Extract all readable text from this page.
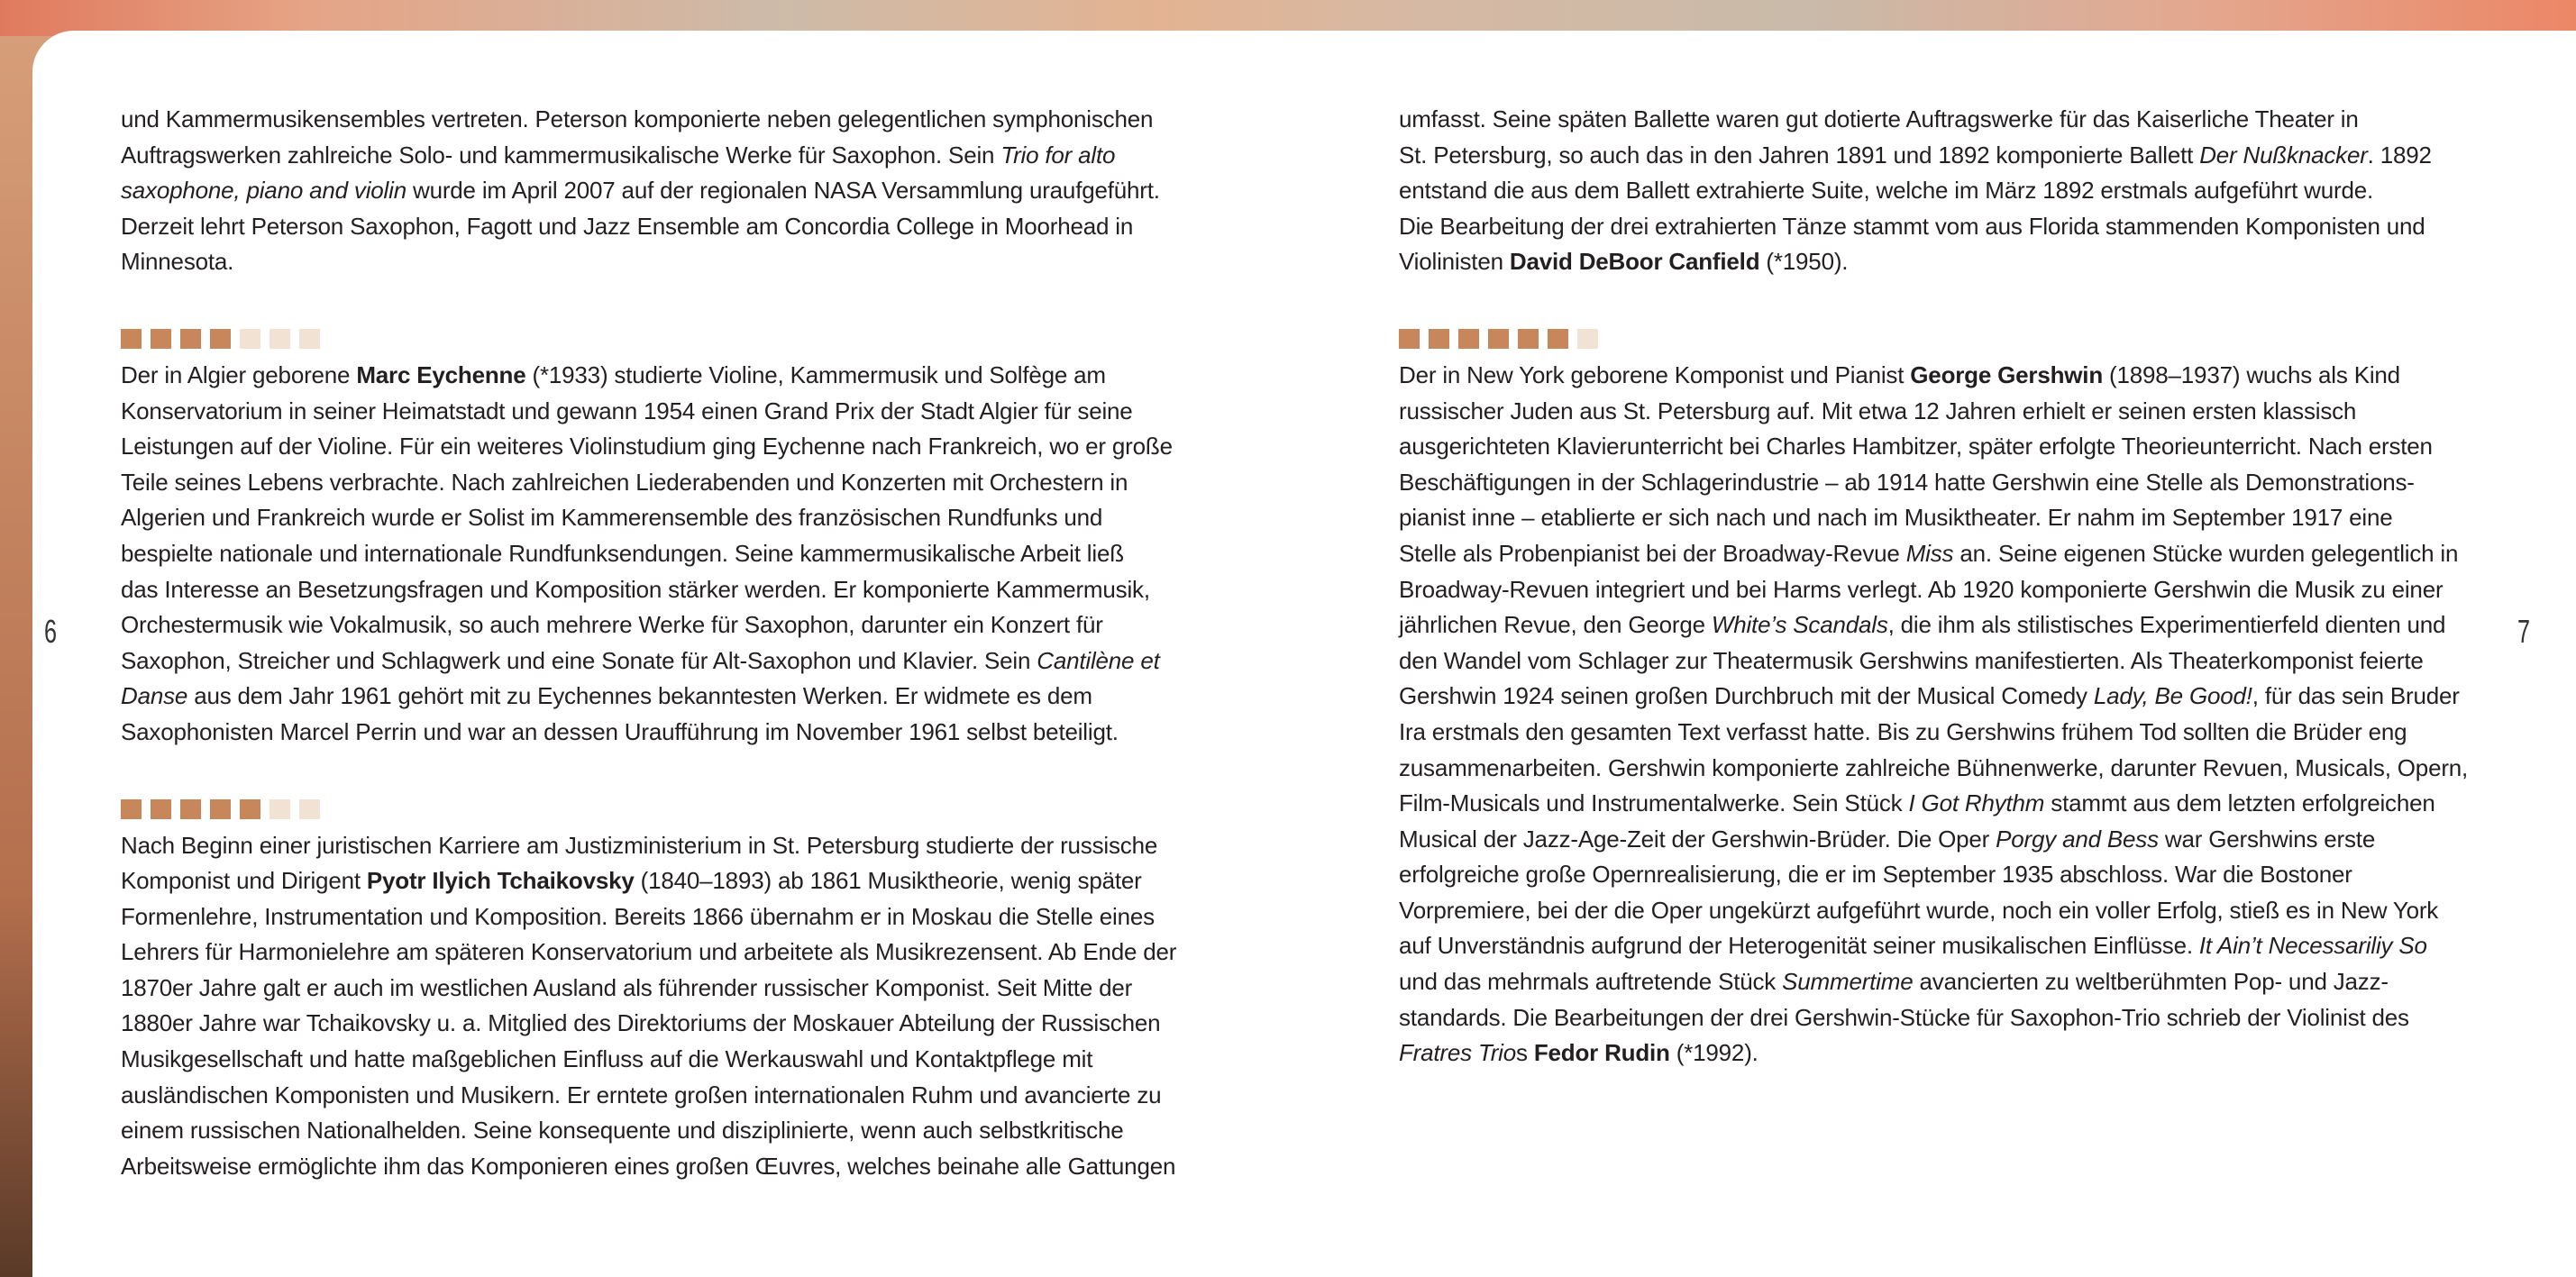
6	7

und Kammermusikensembles vertreten. Peterson komponierte neben gelegentlichen symphonischen
Auftragswerken zahlreiche Solo- und kammermusikalische Werke für Saxophon. Sein Trio for alto
saxophone, piano and violin wurde im April 2007 auf der regionalen NASA Versammlung uraufgeführt.
Derzeit lehrt Peterson Saxophon, Fagott und Jazz Ensemble am Concordia College in Moorhead in
Minnesota.

Der in Algier geborene Marc Eychenne (*1933) studierte Violine, Kammermusik und Solfège am
Konservatorium in seiner Heimatstadt und gewann 1954 einen Grand Prix der Stadt Algier für seine
Leistungen auf der Violine. Für ein weiteres Violinstudium ging Eychenne nach Frankreich, wo er große
Teile seines Lebens verbrachte. Nach zahlreichen Liederabenden und Konzerten mit Orchestern in
Algerien und Frankreich wurde er Solist im Kammerensemble des französischen Rundfunks und
bespielte nationale und internationale Rundfunksendungen. Seine kammermusikalische Arbeit ließ
das Interesse an Besetzungsfragen und Komposition stärker werden. Er komponierte Kammermusik,
Orchestermusik wie Vokalmusik, so auch mehrere Werke für Saxophon, darunter ein Konzert für
Saxophon, Streicher und Schlagwerk und eine Sonate für Alt-Saxophon und Klavier. Sein Cantilène et
Danse aus dem Jahr 1961 gehört mit zu Eychennes bekanntesten Werken. Er widmete es dem
Saxophonisten Marcel Perrin und war an dessen Uraufführung im November 1961 selbst beteiligt.

Nach Beginn einer juristischen Karriere am Justizministerium in St. Petersburg studierte der russische
Komponist und Dirigent Pyotr Ilyich Tchaikovsky (1840–1893) ab 1861 Musiktheorie, wenig später
Formenlehre, Instrumentation und Komposition. Bereits 1866 übernahm er in Moskau die Stelle eines
Lehrers für Harmonielehre am späteren Konservatorium und arbeitete als Musikrezensent. Ab Ende der
1870er Jahre galt er auch im westlichen Ausland als führender russischer Komponist. Seit Mitte der
1880er Jahre war Tchaikovsky u. a. Mitglied des Direktoriums der Moskauer Abteilung der Russischen
Musikgesellschaft und hatte maßgeblichen Einfluss auf die Werkauswahl und Kontaktpflege mit
ausländischen Komponisten und Musikern. Er erntete großen internationalen Ruhm und avancierte zu
einem russischen Nationalhelden. Seine konsequente und disziplinierte, wenn auch selbstkritische
Arbeitsweise ermöglichte ihm das Komponieren eines großen Œuvres, welches beinahe alle Gattungen

umfasst. Seine späten Ballette waren gut dotierte Auftragswerke für das Kaiserliche Theater in
St. Petersburg, so auch das in den Jahren 1891 und 1892 komponierte Ballett Der Nußknacker. 1892
entstand die aus dem Ballett extrahierte Suite, welche im März 1892 erstmals aufgeführt wurde.
Die Bearbeitung der drei extrahierten Tänze stammt vom aus Florida stammenden Komponisten und
Violinisten David DeBoor Canfield (*1950).

Der in New York geborene Komponist und Pianist George Gershwin (1898–1937) wuchs als Kind
russischer Juden aus St. Petersburg auf. Mit etwa 12 Jahren erhielt er seinen ersten klassisch
ausgerichteten Klavierunterricht bei Charles Hambitzer, später erfolgte Theorieunterricht. Nach ersten
Beschäftigungen in der Schlagerindustrie – ab 1914 hatte Gershwin eine Stelle als Demonstrations-
pianist inne – etablierte er sich nach und nach im Musiktheater. Er nahm im September 1917 eine
Stelle als Probenpianist bei der Broadway-Revue Miss an. Seine eigenen Stücke wurden gelegentlich in
Broadway-Revuen integriert und bei Harms verlegt. Ab 1920 komponierte Gershwin die Musik zu einer
jährlichen Revue, den George White’s Scandals, die ihm als stilistisches Experimentierfeld dienten und
den Wandel vom Schlager zur Theatermusik Gershwins manifestierten. Als Theaterkomponist feierte
Gershwin 1924 seinen großen Durchbruch mit der Musical Comedy Lady, Be Good!, für das sein Bruder
Ira erstmals den gesamten Text verfasst hatte. Bis zu Gershwins frühem Tod sollten die Brüder eng
zusammenarbeiten. Gershwin komponierte zahlreiche Bühnenwerke, darunter Revuen, Musicals, Opern,
Film-Musicals und Instrumentalwerke. Sein Stück I Got Rhythm stammt aus dem letzten erfolgreichen
Musical der Jazz-Age-Zeit der Gershwin-Brüder. Die Oper Porgy and Bess war Gershwins erste
erfolgreiche große Opernrealisierung, die er im September 1935 abschloss. War die Bostoner
Vorpremiere, bei der die Oper ungekürzt aufgeführt wurde, noch ein voller Erfolg, stieß es in New York
auf Unverständnis aufgrund der Heterogenität seiner musikalischen Einflüsse. It Ain’t Necessariliy So
und das mehrmals auftretende Stück Summertime avancierten zu weltberühmten Pop- und Jazz-
standards. Die Bearbeitungen der drei Gershwin-Stücke für Saxophon-Trio schrieb der Violinist des
Fratres Trios Fedor Rudin (*1992).
